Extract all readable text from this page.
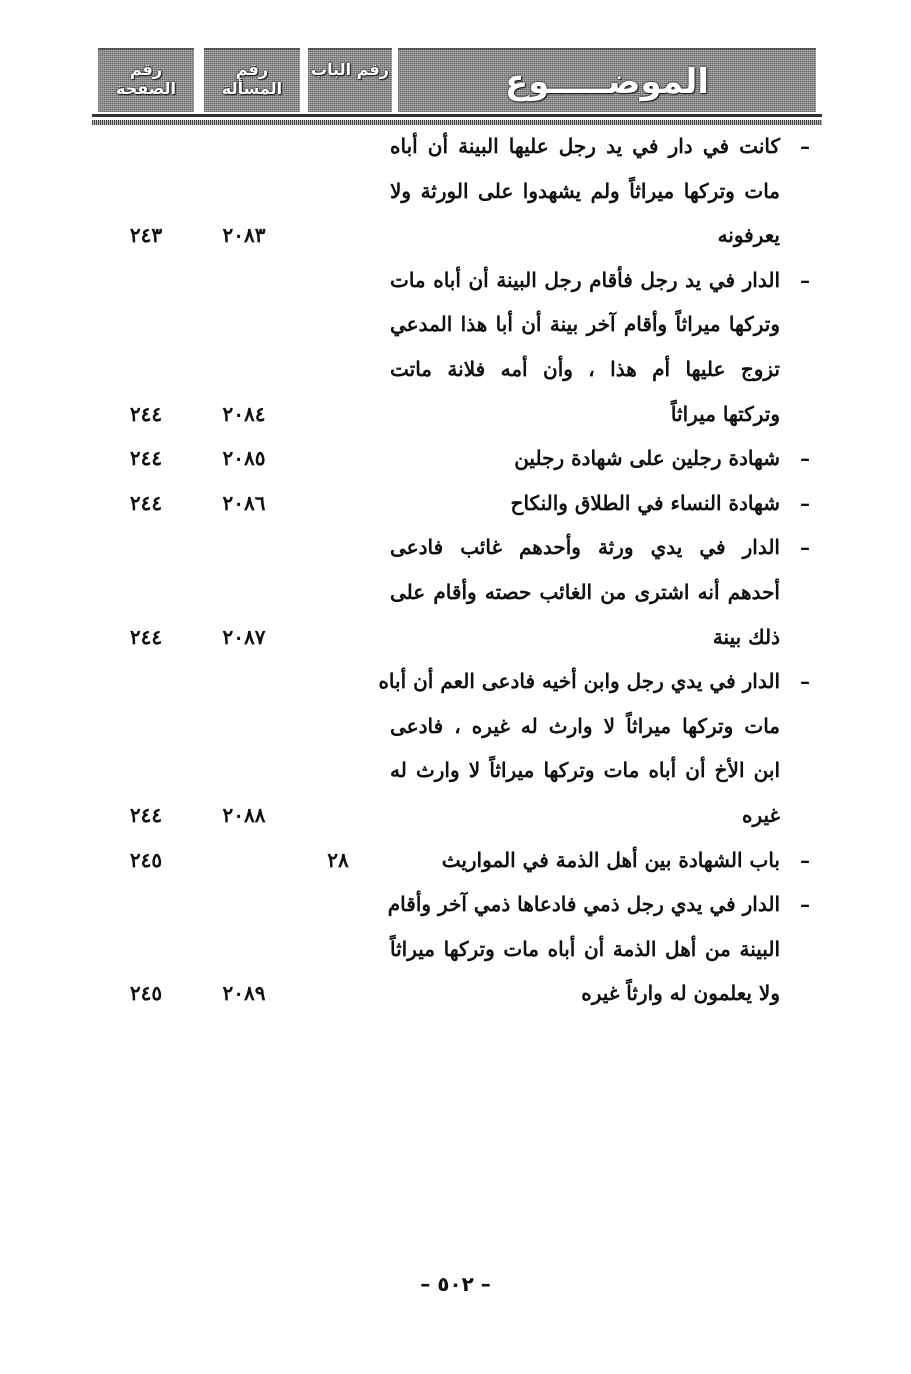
رقم الصفحة
رقم المسألة
رقم الباب	الموضـــــوع
–
كانت في دار في يد رجل عليها البينة أن أباه
مات وتركها ميراثاً ولم يشهدوا على الورثة ولا
يعرفونه
٢٠٨٣
٢٤٣
–
الدار في يد رجل فأقام رجل البينة أن أباه مات
وتركها ميراثاً وأقام آخر بينة أن أبا هذا المدعي
تزوج عليها أم هذا ، وأن أمه فلانة ماتت
وتركتها ميراثاً
٢٠٨٤
٢٤٤
–
شهادة رجلين على شهادة رجلين
٢٠٨٥
٢٤٤
–
شهادة النساء في الطلاق والنكاح
٢٠٨٦
٢٤٤
–
الدار في يدي ورثة وأحدهم غائب فادعى
أحدهم أنه اشترى من الغائب حصته وأقام على
ذلك بينة
٢٠٨٧
٢٤٤
–
الدار في يدي رجل وابن أخيه فادعى العم أن أباه
مات وتركها ميراثاً لا وارث له غيره ، فادعى
ابن الأخ أن أباه مات وتركها ميراثاً لا وارث له
غيره
٢٠٨٨
٢٤٤
–
باب الشهادة بين أهل الذمة في المواريث
٢٨
٢٤٥
–
الدار في يدي رجل ذمي فادعاها ذمي آخر وأقام
البينة من أهل الذمة أن أباه مات وتركها ميراثاً
ولا يعلمون له وارثاً غيره
٢٠٨٩
٢٤٥
– ٥٠٢ –
